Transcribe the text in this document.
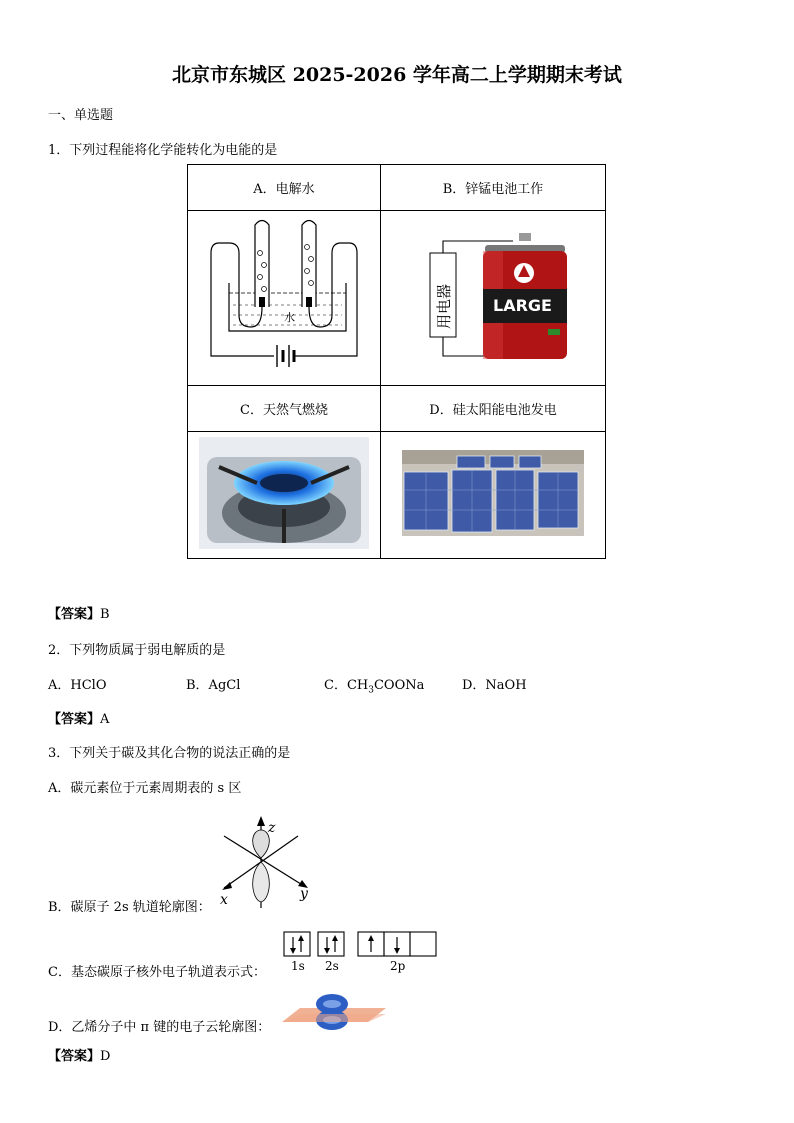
北京市东城区 2025-2026 学年高二上学期期末考试
一、单选题
1．下列过程能将化学能转化为电能的是
A．电解水	B．锌锰电池工作

水	用电器 LARGE

C．天然气燃烧	D．硅太阳能电池发电

【答案】B
2．下列物质属于弱电解质的是
A．HClO	B．AgCl	C．$CH_3COONa$	D．NaOH
【答案】A
3．下列关于碳及其化合物的说法正确的是
A．碳元素位于元素周期表的 s 区
z
x	y
B．碳原子 2s 轨道轮廓图：
1s 2s	2p
C．基态碳原子核外电子轨道表示式：
D．乙烯分子中 π 键的电子云轮廓图：
【答案】D
